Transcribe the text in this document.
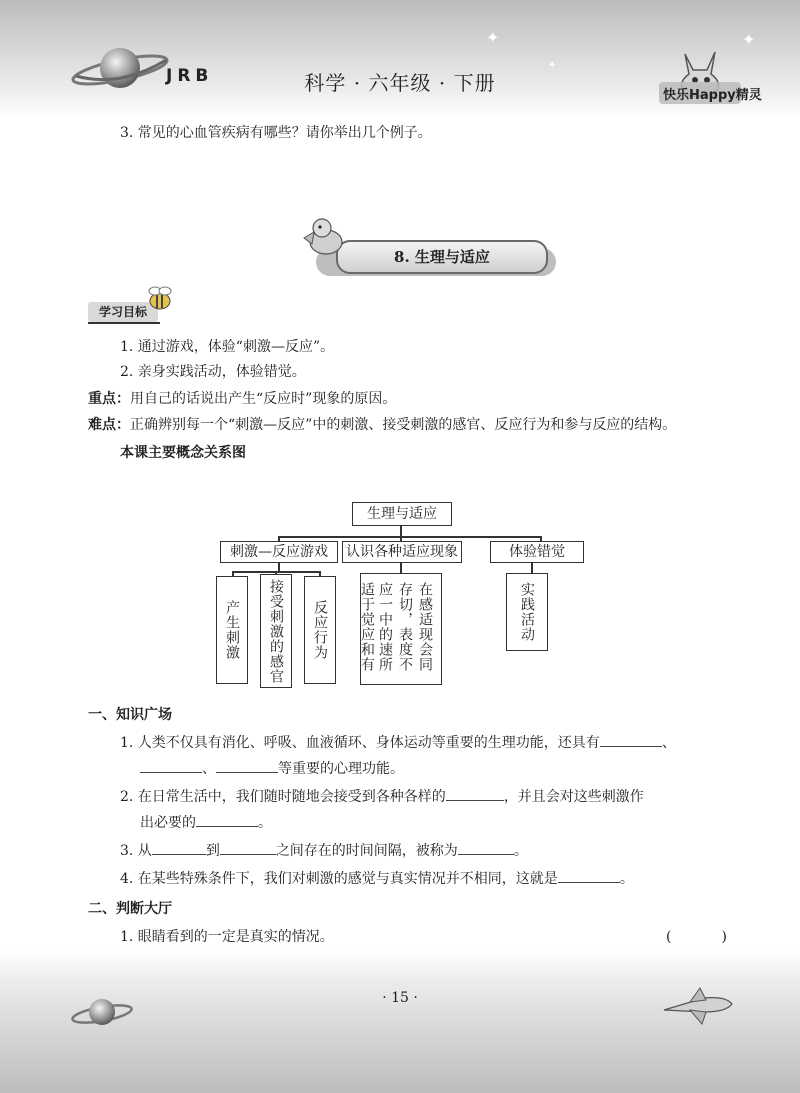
✦	✦
✦
JRB	科学 · 六年级 · 下册
快乐Happy精灵
3. 常见的心血管疾病有哪些？请你举出几个例子。
8. 生理与适应
学习目标
1. 通过游戏，体验“刺激—反应”。
2. 亲身实践活动，体验错觉。
重点：用自己的话说出产生“反应时”现象的原因。
难点：正确辨别每一个“刺激—反应”中的刺激、接受刺激的感官、反应行为和参与反应的结构。
本课主要概念关系图
生理与适应
刺激—反应游戏	认识各种适应现象	体验错觉
产生刺激 接受刺激的感官 反应行为	在感适现会同
存切，表度不
应一中的速所
适于觉应和有	实践活动
一、知识广场
1. 人类不仅具有消化、呼吸、血液循环、身体运动等重要的生理功能，还具有	、
、	等重要的心理功能。
2. 在日常生活中，我们随时随地会接受到各种各样的	，并且会对这些刺激作
出必要的	。
3. 从	到	之间存在的时间间隔，被称为	。
4. 在某些特殊条件下，我们对刺激的感觉与真实情况并不相同，这就是	。
二、判断大厅
1. 眼睛看到的一定是真实的情况。	(　)
· 15 ·
